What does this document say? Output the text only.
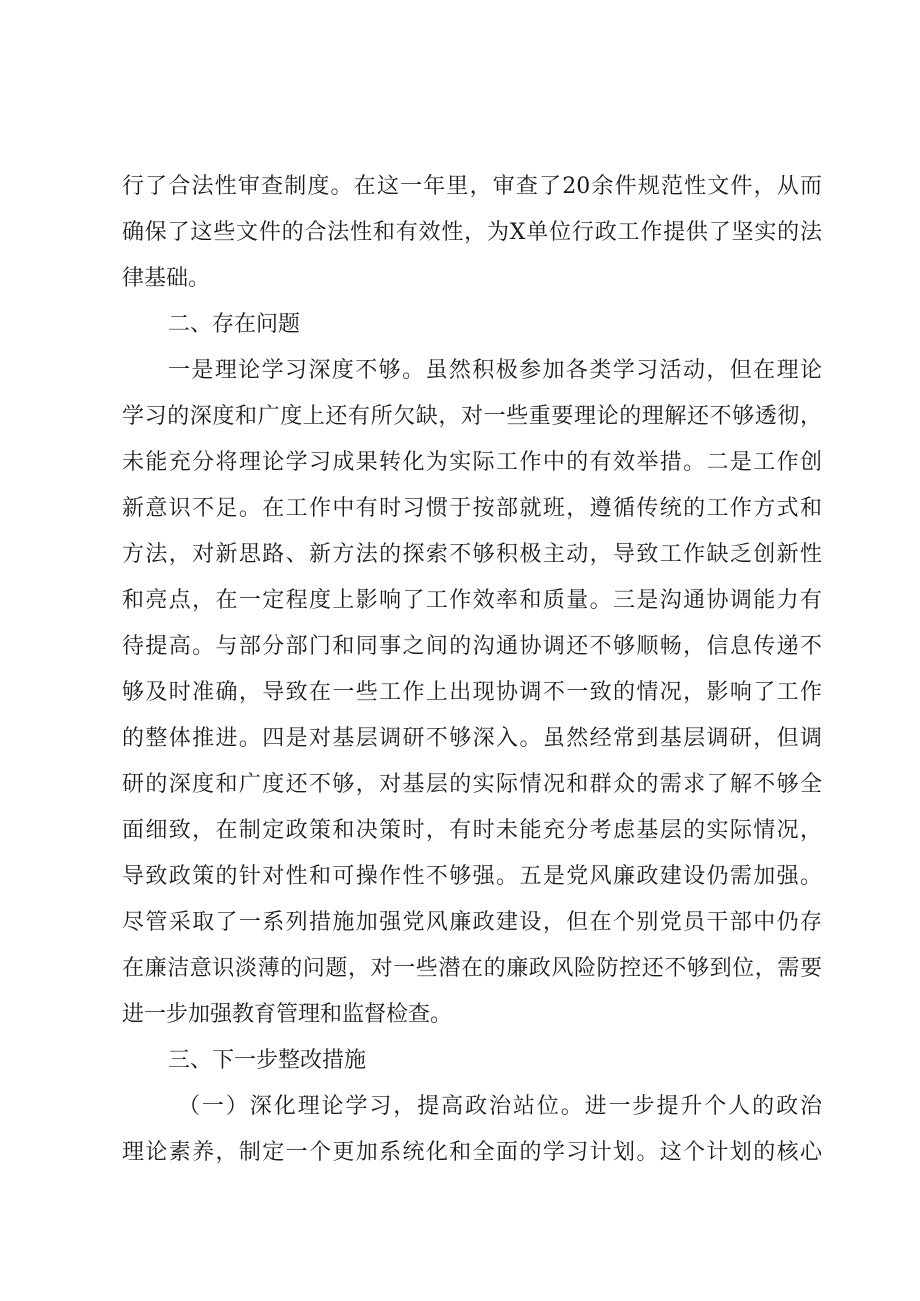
行了合法性审查制度。在这一年里，审查了20余件规范性文件，从而
确保了这些文件的合法性和有效性，为X单位行政工作提供了坚实的法
律基础。
二、存在问题
一是理论学习深度不够。虽然积极参加各类学习活动，但在理论
学习的深度和广度上还有所欠缺，对一些重要理论的理解还不够透彻，
未能充分将理论学习成果转化为实际工作中的有效举措。二是工作创
新意识不足。在工作中有时习惯于按部就班，遵循传统的工作方式和
方法，对新思路、新方法的探索不够积极主动，导致工作缺乏创新性
和亮点，在一定程度上影响了工作效率和质量。三是沟通协调能力有
待提高。与部分部门和同事之间的沟通协调还不够顺畅，信息传递不
够及时准确，导致在一些工作上出现协调不一致的情况，影响了工作
的整体推进。四是对基层调研不够深入。虽然经常到基层调研，但调
研的深度和广度还不够，对基层的实际情况和群众的需求了解不够全
面细致，在制定政策和决策时，有时未能充分考虑基层的实际情况，
导致政策的针对性和可操作性不够强。五是党风廉政建设仍需加强。
尽管采取了一系列措施加强党风廉政建设，但在个别党员干部中仍存
在廉洁意识淡薄的问题，对一些潜在的廉政风险防控还不够到位，需要
进一步加强教育管理和监督检查。
三、下一步整改措施
（一）深化理论学习，提高政治站位。进一步提升个人的政治
理论素养，制定一个更加系统化和全面的学习计划。这个计划的核心
